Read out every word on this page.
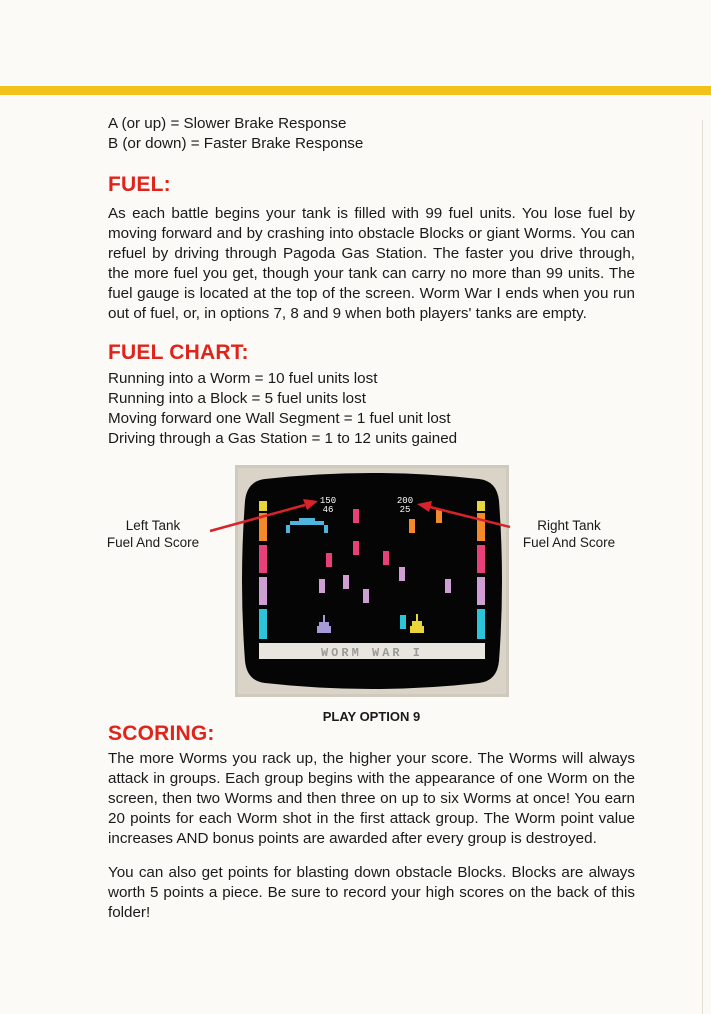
A (or up) = Slower Brake Response
B (or down) = Faster Brake Response
FUEL:

As each battle begins your tank is filled with 99 fuel units. You lose fuel by moving forward and by crashing into obstacle Blocks or giant Worms. You can refuel by driving through Pagoda Gas Station. The faster you drive through, the more fuel you get, though your tank can carry no more than 99 units. The fuel gauge is located at the top of the screen. Worm War I ends when you run out of fuel, or, in options 7, 8 and 9 when both players' tanks are empty.

FUEL CHART:
Running into a Worm = 10 fuel units lost
Running into a Block = 5 fuel units lost
Moving forward one Wall Segment = 1 fuel unit lost
Driving through a Gas Station = 1 to 12 units gained
Left Tank
Fuel And Score
150
46
200
25
WORM WAR I
Right Tank
Fuel And Score
PLAY OPTION 9
SCORING:

The more Worms you rack up, the higher your score. The Worms will always attack in groups. Each group begins with the appearance of one Worm on the screen, then two Worms and then three on up to six Worms at once! You earn 20 points for each Worm shot in the first attack group. The Worm point value increases AND bonus points are awarded after every group is destroyed.

You can also get points for blasting down obstacle Blocks. Blocks are always worth 5 points a piece. Be sure to record your high scores on the back of this folder!
